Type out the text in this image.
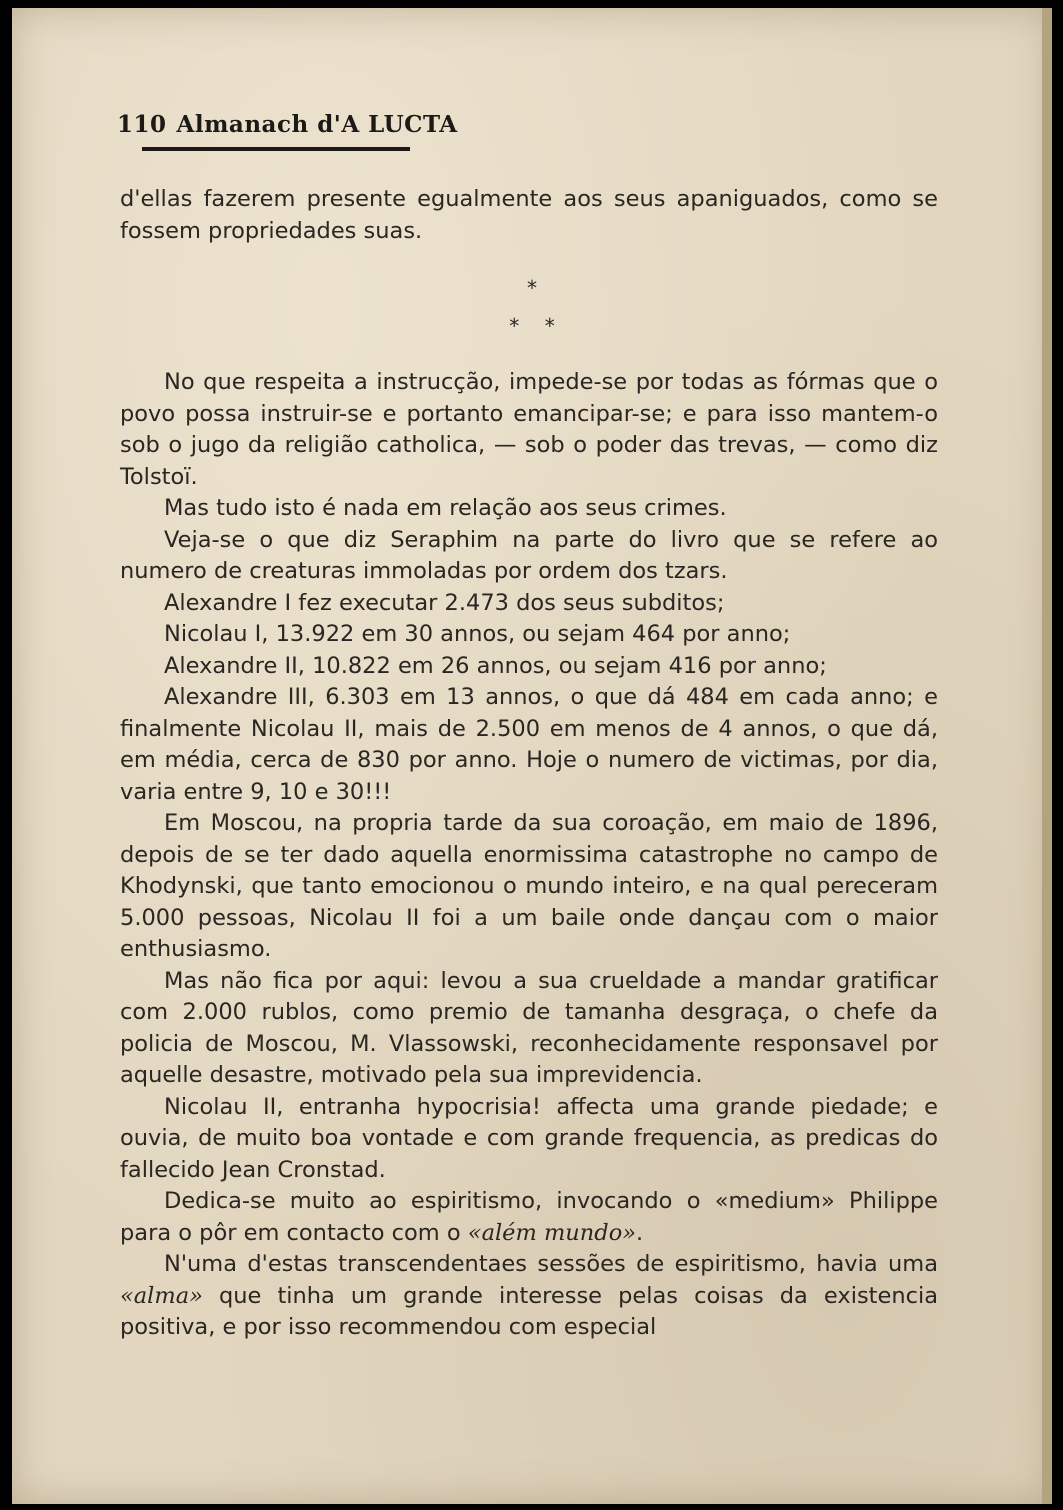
110 Almanach d'A LUCTA

d'ellas fazerem presente egualmente aos seus apaniguados, como se fossem propriedades suas.

*
*    *

No que respeita a instrucção, impede-se por todas as fórmas que o povo possa instruir-se e portanto emancipar-se; e para isso mantem-o sob o jugo da religião catholica, — sob o poder das trevas, — como diz Tolstoï.

Mas tudo isto é nada em relação aos seus crimes.

Veja-se o que diz Seraphim na parte do livro que se refere ao numero de creaturas immoladas por ordem dos tzars.

Alexandre I fez executar 2.473 dos seus subditos;

Nicolau I, 13.922 em 30 annos, ou sejam 464 por anno;

Alexandre II, 10.822 em 26 annos, ou sejam 416 por anno;

Alexandre III, 6.303 em 13 annos, o que dá 484 em cada anno; e finalmente Nicolau II, mais de 2.500 em menos de 4 annos, o que dá, em média, cerca de 830 por anno. Hoje o numero de victimas, por dia, varia entre 9, 10 e 30!!!

Em Moscou, na propria tarde da sua coroação, em maio de 1896, depois de se ter dado aquella enormissima catastrophe no campo de Khodynski, que tanto emocionou o mundo inteiro, e na qual pereceram 5.000 pessoas, Nicolau II foi a um baile onde dançau com o maior enthusiasmo.

Mas não fica por aqui: levou a sua crueldade a mandar gratificar com 2.000 rublos, como premio de tamanha desgraça, o chefe da policia de Moscou, M. Vlassowski, reconhecidamente responsavel por aquelle desastre, motivado pela sua imprevidencia.

Nicolau II, entranha hypocrisia! affecta uma grande piedade; e ouvia, de muito boa vontade e com grande frequencia, as predicas do fallecido Jean Cronstad.

Dedica-se muito ao espiritismo, invocando o «medium» Philippe para o pôr em contacto com o «além mundo».

N'uma d'estas transcendentaes sessões de espiritismo, havia uma «alma» que tinha um grande interesse pelas coisas da existencia positiva, e por isso recommendou com especial
